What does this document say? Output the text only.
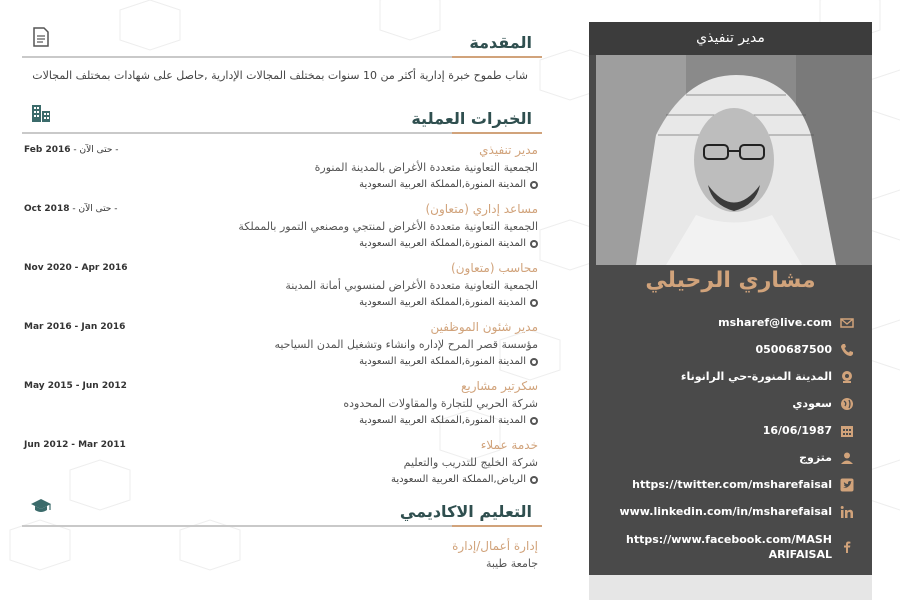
المقدمة

شاب طموح خبرة إدارية أكثر من 10 سنوات بمختلف المجالات الإدارية ,حاصل على شهادات بمختلف المجالات

الخبرات العملية
مدير تنفيذي
Feb 2016 - حتى الآن -
الجمعية التعاونية متعددة الأغراض بالمدينة المنورة
المدينة المنورة,المملكة العربية السعودية
مساعد إداري (متعاون)
Oct 2018 - حتى الآن -
الجمعية التعاونية متعددة الأغراض لمنتجي ومصنعي التمور بالمملكة
المدينة المنورة,المملكة العربية السعودية
محاسب (متعاون)
Nov 2020 - Apr 2016
الجمعية التعاونية متعددة الأغراض لمنسوبي أمانة المدينة
المدينة المنورة,المملكة العربية السعودية
مدير شئون الموظفين
Mar 2016 - Jan 2016
مؤسسة قصر المرح لإداره وانشاء وتشغيل المدن السياحيه
المدينة المنورة,المملكة العربية السعودية
سكرتير مشاريع
May 2015 - Jun 2012
شركة الحربي للتجارة والمقاولات المحدوده
المدينة المنورة,المملكة العربية السعودية
خدمة عملاء
Jun 2012 - Mar 2011
شركة الخليج للتدريب والتعليم
الرياض,المملكة العربية السعودية
التعليم الاكاديمي
إدارة أعمال/إدارة
جامعة طيبة
مدير تنفيذي
مشاري الرحيلي
msharef@live.com
0500687500
المدينة المنورة-حي الرانوناء
سعودي
16/06/1987
متزوج
https://twitter.com/msharefaisal
www.linkedin.com/in/msharefaisal
https://www.facebook.com/MASHARIFAISAL
